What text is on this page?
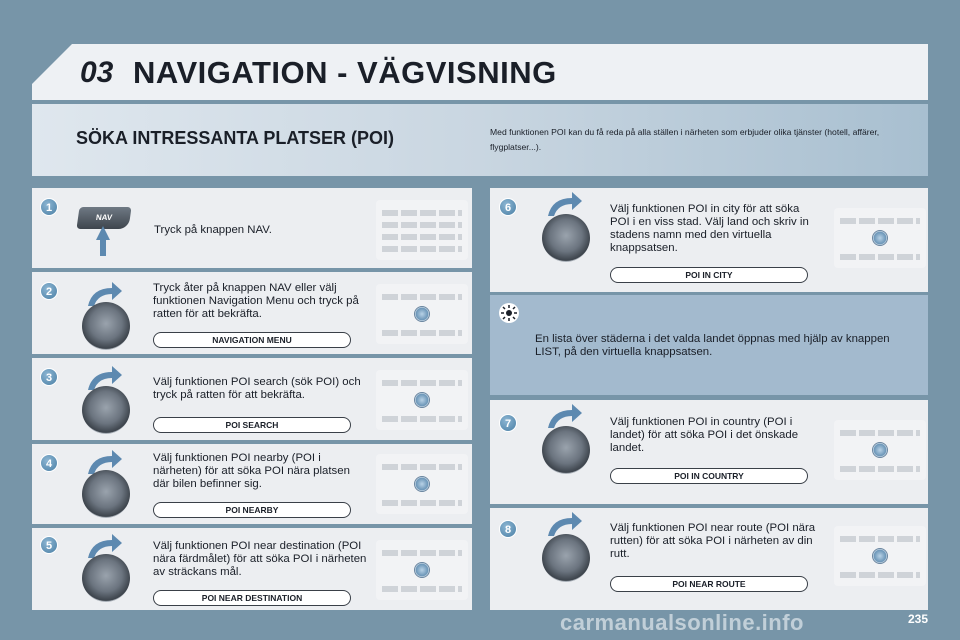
03 NAVIGATION - VÄGVISNING
SÖKA INTRESSANTA PLATSER (POI)	Med funktionen POI kan du få reda på alla ställen i närheten som erbjuder olika tjänster (hotell, affärer, flygplatser...).
1
NAV
Tryck på knappen NAV.
2	Tryck åter på knappen NAV eller välj funktionen Navigation Menu och tryck på ratten för att bekräfta.
NAVIGATION MENU
3	Välj funktionen POI search (sök POI) och tryck på ratten för att bekräfta.
POI SEARCH
4	Välj funktionen POI nearby (POI i närheten) för att söka POI nära platsen där bilen befinner sig.
POI NEARBY
5	Välj funktionen POI near destination (POI nära färdmålet) för att söka POI i närheten av sträckans mål.
POI NEAR DESTINATION
6	Välj funktionen POI in city för att söka POI i en viss stad. Välj land och skriv in stadens namn med den virtuella knappsatsen.
POI IN CITY
En lista över städerna i det valda landet öppnas med hjälp av knappen LIST, på den virtuella knappsatsen.
7	Välj funktionen POI in country (POI i landet) för att söka POI i det önskade landet.
POI IN COUNTRY
8	Välj funktionen POI near route (POI nära rutten) för att söka POI i närheten av din rutt.
POI NEAR ROUTE
carmanualsonline.info	235
